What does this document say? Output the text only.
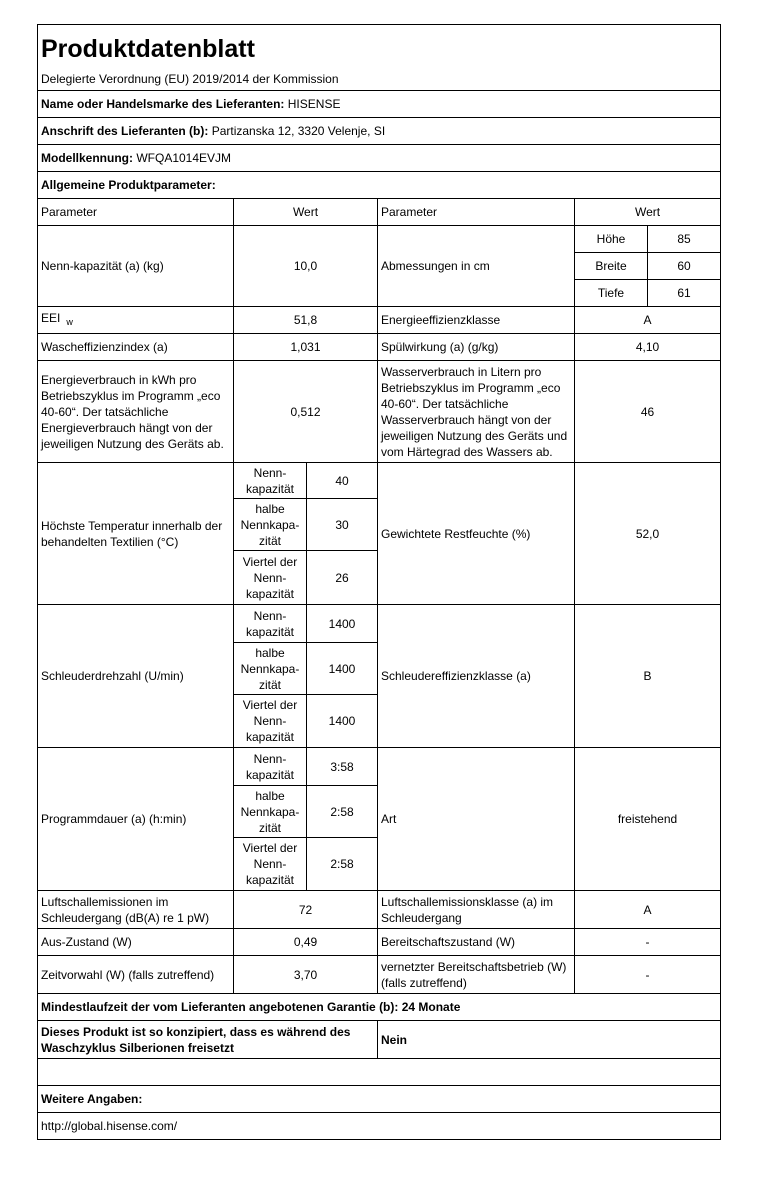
Produktdatenblatt					
Delegierte Verordnung (EU) 2019/2014 der Kommission					
Name oder Handelsmarke des Lieferanten: HISENSE					
Anschrift des Lieferanten (b): Partizanska 12, 3320 Velenje, SI					
Modellkennung: WFQA1014EVJM					
Allgemeine Produktparameter:					
Parameter	Wert		Parameter	Wert	
Nenn-kapazität (a) (kg)	10,0		Abmessungen in cm	Höhe	85
				Breite	60
				Tiefe	61
EEI $_w$	51,8		Energieeffizienzklasse	A	
Wascheffizienzindex (a)	1,031		Spülwirkung (a) (g/kg)	4,10	
Energieverbrauch in kWh pro Betriebszyklus im Programm „eco 40-60“. Der tatsächliche Energieverbrauch hängt von der jeweiligen Nutzung des Geräts ab.	0,512		Wasserverbrauch in Litern pro Betriebszyklus im Programm „eco 40-60“. Der tatsächliche Wasserverbrauch hängt von der jeweiligen Nutzung des Geräts und vom Härtegrad des Wassers ab.	46	
Höchste Temperatur innerhalb der behandelten Textilien (°C)	Nenn-kapazität	40	Gewichtete Restfeuchte (%)	52,0	
	halbe Nennkapa-zität	30			
	Viertel der Nenn-kapazität	26			
Schleuderdrehzahl (U/min)	Nenn-kapazität	1400	Schleudereffizienzklasse (a)	B	
	halbe Nennkapa-zität	1400			
	Viertel der Nenn-kapazität	1400			
Programmdauer (a) (h:min)	Nenn-kapazität	3:58	Art	freistehend	
	halbe Nennkapa-zität	2:58			
	Viertel der Nenn-kapazität	2:58			
Luftschallemissionen im Schleudergang (dB(A) re 1 pW)	72		Luftschallemissionsklasse (a) im Schleudergang	A	
Aus-Zustand (W)	0,49		Bereitschaftszustand (W)	-	
Zeitvorwahl (W) (falls zutreffend)	3,70		vernetzter Bereitschaftsbetrieb (W) (falls zutreffend)	-	
Mindestlaufzeit der vom Lieferanten angebotenen Garantie (b): 24 Monate					
Dieses Produkt ist so konzipiert, dass es während des Waschzyklus Silberionen freisetzt			Nein		

Weitere Angaben:					
http://global.hisense.com/					
